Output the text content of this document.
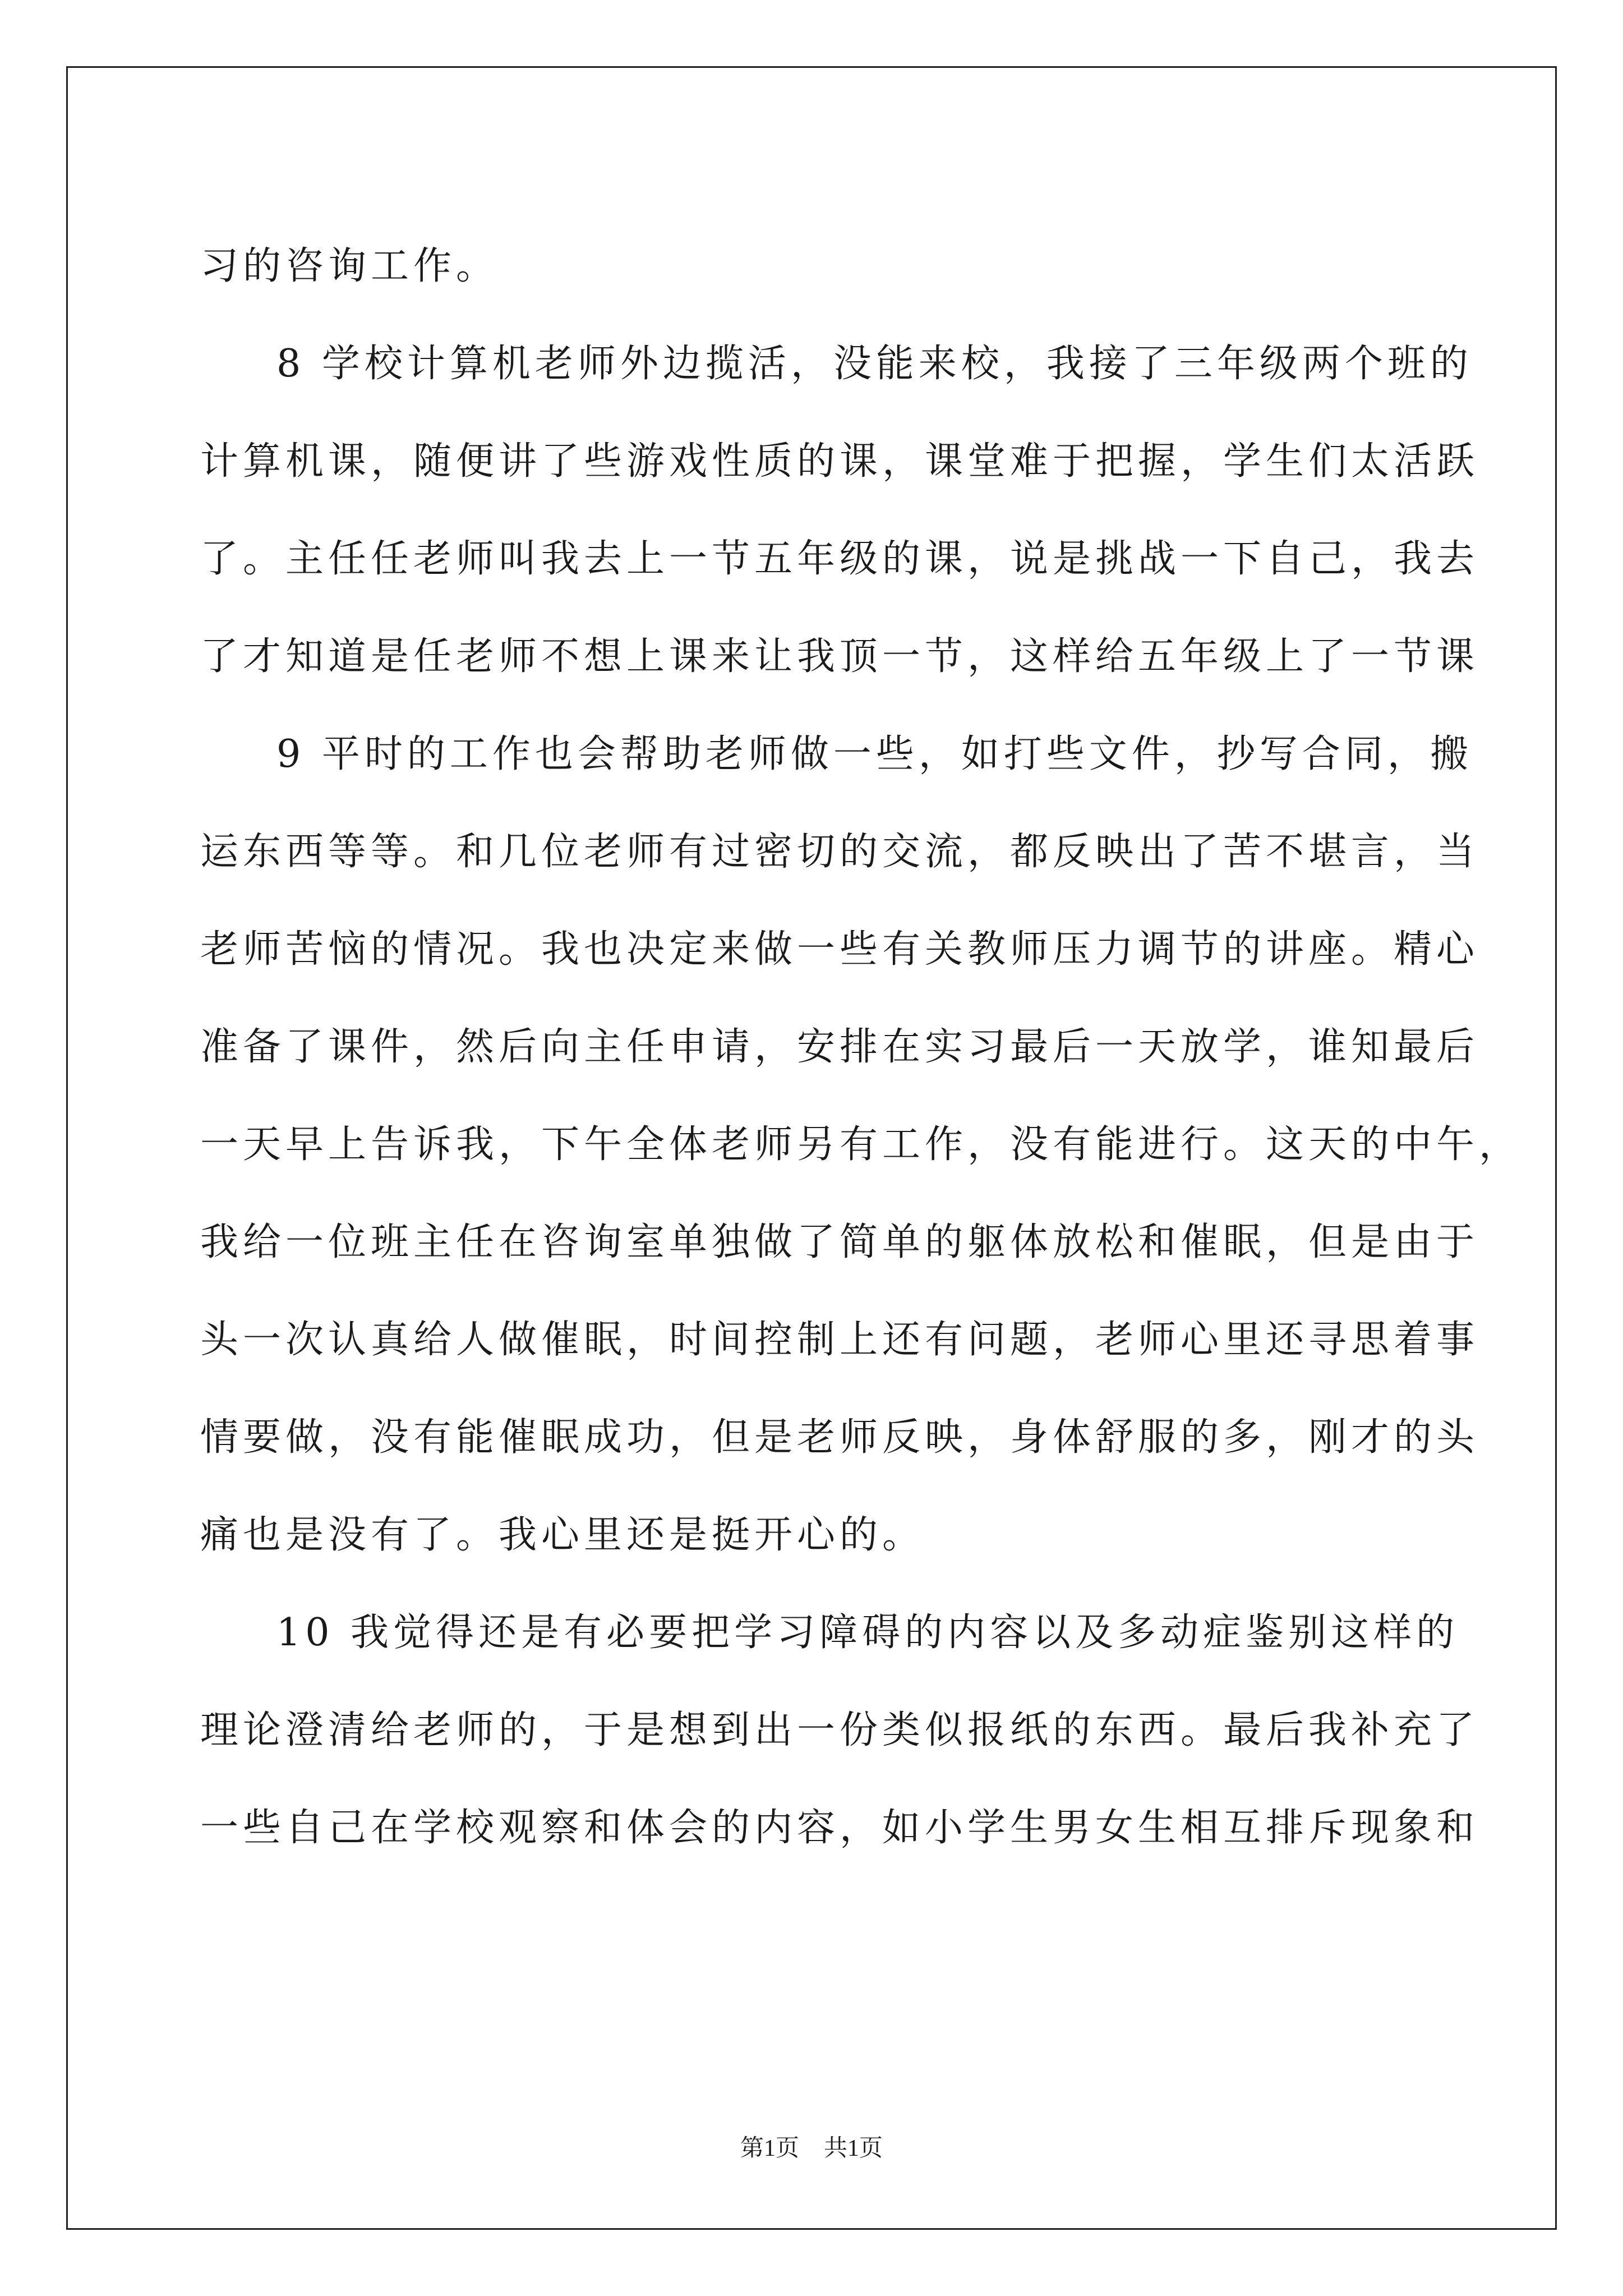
习的咨询工作。
8 学校计算机老师外边揽活，没能来校，我接了三年级两个班的
计算机课，随便讲了些游戏性质的课，课堂难于把握，学生们太活跃
了。主任任老师叫我去上一节五年级的课，说是挑战一下自己，我去
了才知道是任老师不想上课来让我顶一节，这样给五年级上了一节课
9 平时的工作也会帮助老师做一些，如打些文件，抄写合同，搬
运东西等等。和几位老师有过密切的交流，都反映出了苦不堪言，当
老师苦恼的情况。我也决定来做一些有关教师压力调节的讲座。精心
准备了课件，然后向主任申请，安排在实习最后一天放学，谁知最后
一天早上告诉我，下午全体老师另有工作，没有能进行。这天的中午，
我给一位班主任在咨询室单独做了简单的躯体放松和催眠，但是由于
头一次认真给人做催眠，时间控制上还有问题，老师心里还寻思着事
情要做，没有能催眠成功，但是老师反映，身体舒服的多，刚才的头
痛也是没有了。我心里还是挺开心的。
10 我觉得还是有必要把学习障碍的内容以及多动症鉴别这样的
理论澄清给老师的，于是想到出一份类似报纸的东西。最后我补充了
一些自己在学校观察和体会的内容，如小学生男女生相互排斥现象和
第1页 共1页
